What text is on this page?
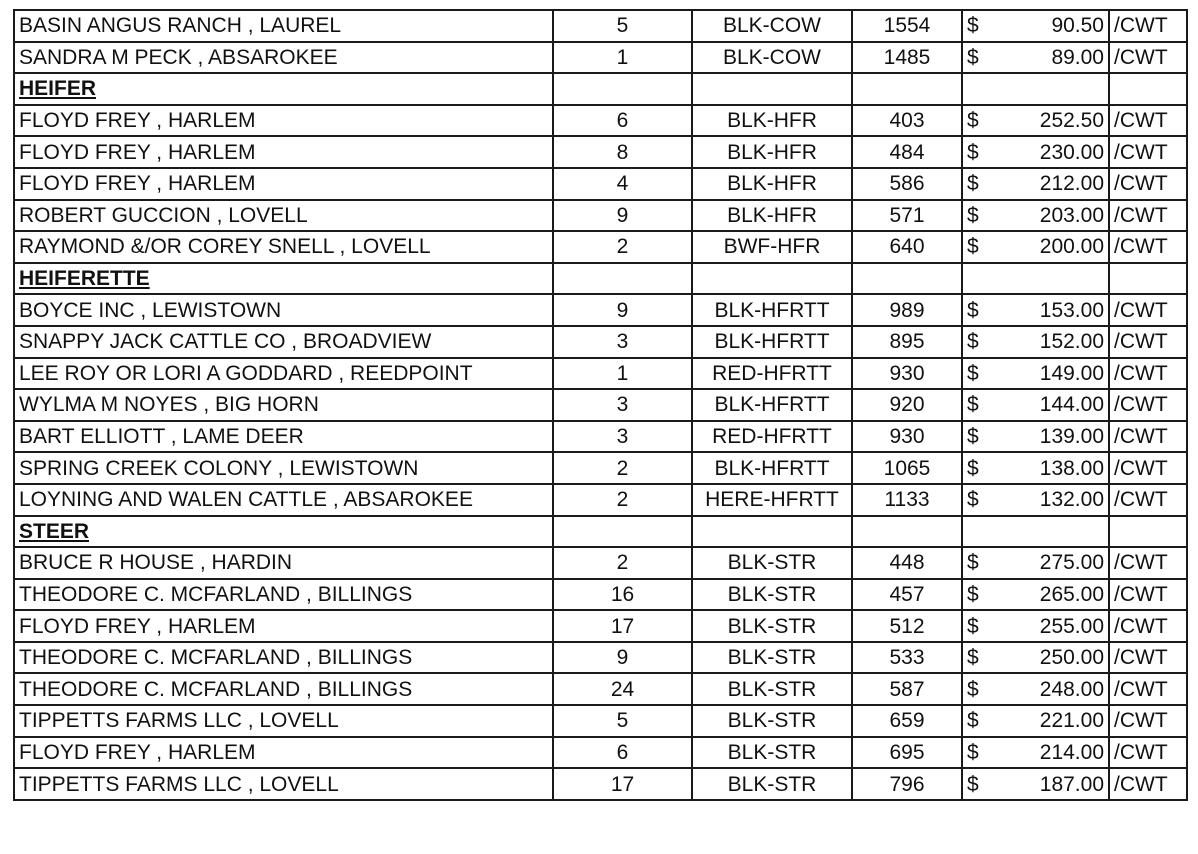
BASIN ANGUS RANCH , LAUREL	5	BLK-COW	1554	$ 90.50	/CWT
SANDRA M PECK , ABSAROKEE	1	BLK-COW	1485	$ 89.00	/CWT
HEIFER					
FLOYD FREY , HARLEM	6	BLK-HFR	403	$ 252.50	/CWT
FLOYD FREY , HARLEM	8	BLK-HFR	484	$ 230.00	/CWT
FLOYD FREY , HARLEM	4	BLK-HFR	586	$ 212.00	/CWT
ROBERT GUCCION , LOVELL	9	BLK-HFR	571	$ 203.00	/CWT
RAYMOND &/OR COREY SNELL , LOVELL	2	BWF-HFR	640	$ 200.00	/CWT
HEIFERETTE					
BOYCE INC , LEWISTOWN	9	BLK-HFRTT	989	$ 153.00	/CWT
SNAPPY JACK CATTLE CO , BROADVIEW	3	BLK-HFRTT	895	$ 152.00	/CWT
LEE ROY OR LORI A GODDARD , REEDPOINT	1	RED-HFRTT	930	$ 149.00	/CWT
WYLMA M NOYES , BIG HORN	3	BLK-HFRTT	920	$ 144.00	/CWT
BART ELLIOTT , LAME DEER	3	RED-HFRTT	930	$ 139.00	/CWT
SPRING CREEK COLONY , LEWISTOWN	2	BLK-HFRTT	1065	$ 138.00	/CWT
LOYNING AND WALEN CATTLE , ABSAROKEE	2	HERE-HFRTT	1133	$ 132.00	/CWT
STEER					
BRUCE R HOUSE , HARDIN	2	BLK-STR	448	$ 275.00	/CWT
THEODORE C. MCFARLAND , BILLINGS	16	BLK-STR	457	$ 265.00	/CWT
FLOYD FREY , HARLEM	17	BLK-STR	512	$ 255.00	/CWT
THEODORE C. MCFARLAND , BILLINGS	9	BLK-STR	533	$ 250.00	/CWT
THEODORE C. MCFARLAND , BILLINGS	24	BLK-STR	587	$ 248.00	/CWT
TIPPETTS FARMS LLC , LOVELL	5	BLK-STR	659	$ 221.00	/CWT
FLOYD FREY , HARLEM	6	BLK-STR	695	$ 214.00	/CWT
TIPPETTS FARMS LLC , LOVELL	17	BLK-STR	796	$ 187.00	/CWT
